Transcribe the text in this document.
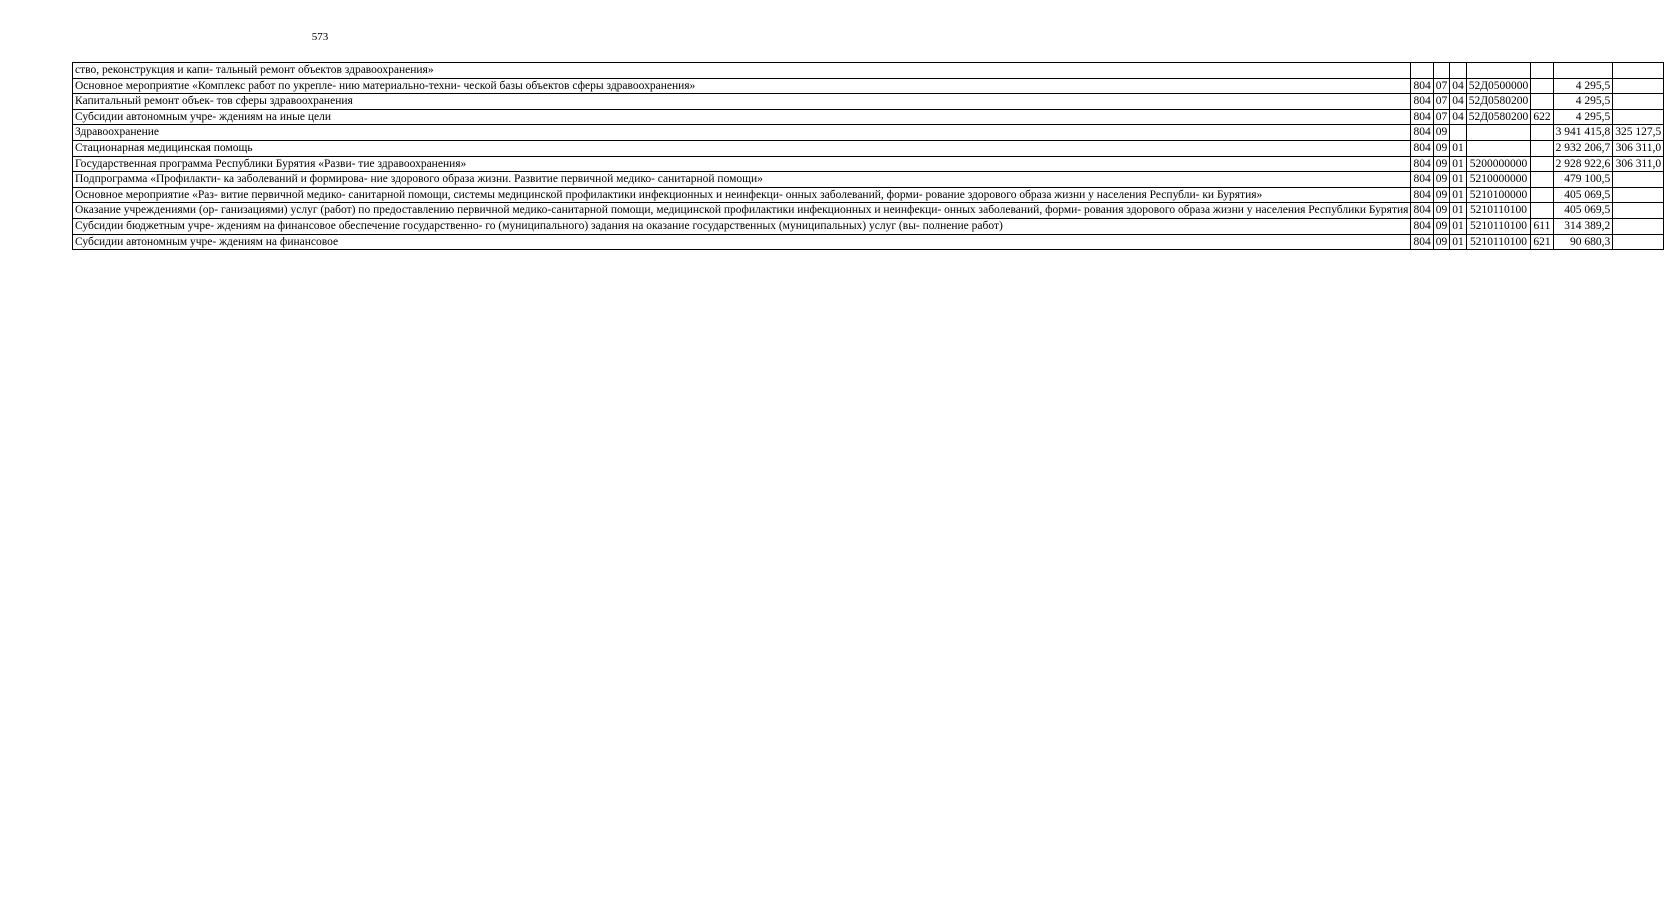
573
ство, реконструкция и капи- тальный ремонт объектов здравоохранения»							
Основное мероприятие «Комплекс работ по укрепле- нию материально-техни- ческой базы объектов сферы здравоохранения»	804	07	04	52Д0500000		4 295,5	
Капитальный ремонт объек- тов сферы здравоохранения	804	07	04	52Д0580200		4 295,5	
Субсидии автономным учре- ждениям на иные цели	804	07	04	52Д0580200	622	4 295,5	
Здравоохранение	804	09				3 941 415,8	325 127,5
Стационарная медицинская помощь	804	09	01			2 932 206,7	306 311,0
Государственная программа Республики Бурятия «Разви- тие здравоохранения»	804	09	01	5200000000		2 928 922,6	306 311,0
Подпрограмма «Профилакти- ка заболеваний и формирова- ние здорового образа жизни. Развитие первичной медико- санитарной помощи»	804	09	01	5210000000		479 100,5	
Основное мероприятие «Раз- витие первичной медико- санитарной помощи, системы медицинской профилактики инфекционных и неинфекци- онных заболеваний, форми- рование здорового образа жизни у населения Республи- ки Бурятия»	804	09	01	5210100000		405 069,5	
Оказание учреждениями (ор- ганизациями) услуг (работ) по предоставлению первичной медико-санитарной помощи, медицинской профилактики инфекционных и неинфекци- онных заболеваний, форми- рования здорового образа жизни у населения Республики Бурятия	804	09	01	5210110100		405 069,5	
Субсидии бюджетным учре- ждениям на финансовое обеспечение государственно- го (муниципального) задания на оказание государственных (муниципальных) услуг (вы- полнение работ)	804	09	01	5210110100	611	314 389,2	
Субсидии автономным учре- ждениям на финансовое	804	09	01	5210110100	621	90 680,3	
